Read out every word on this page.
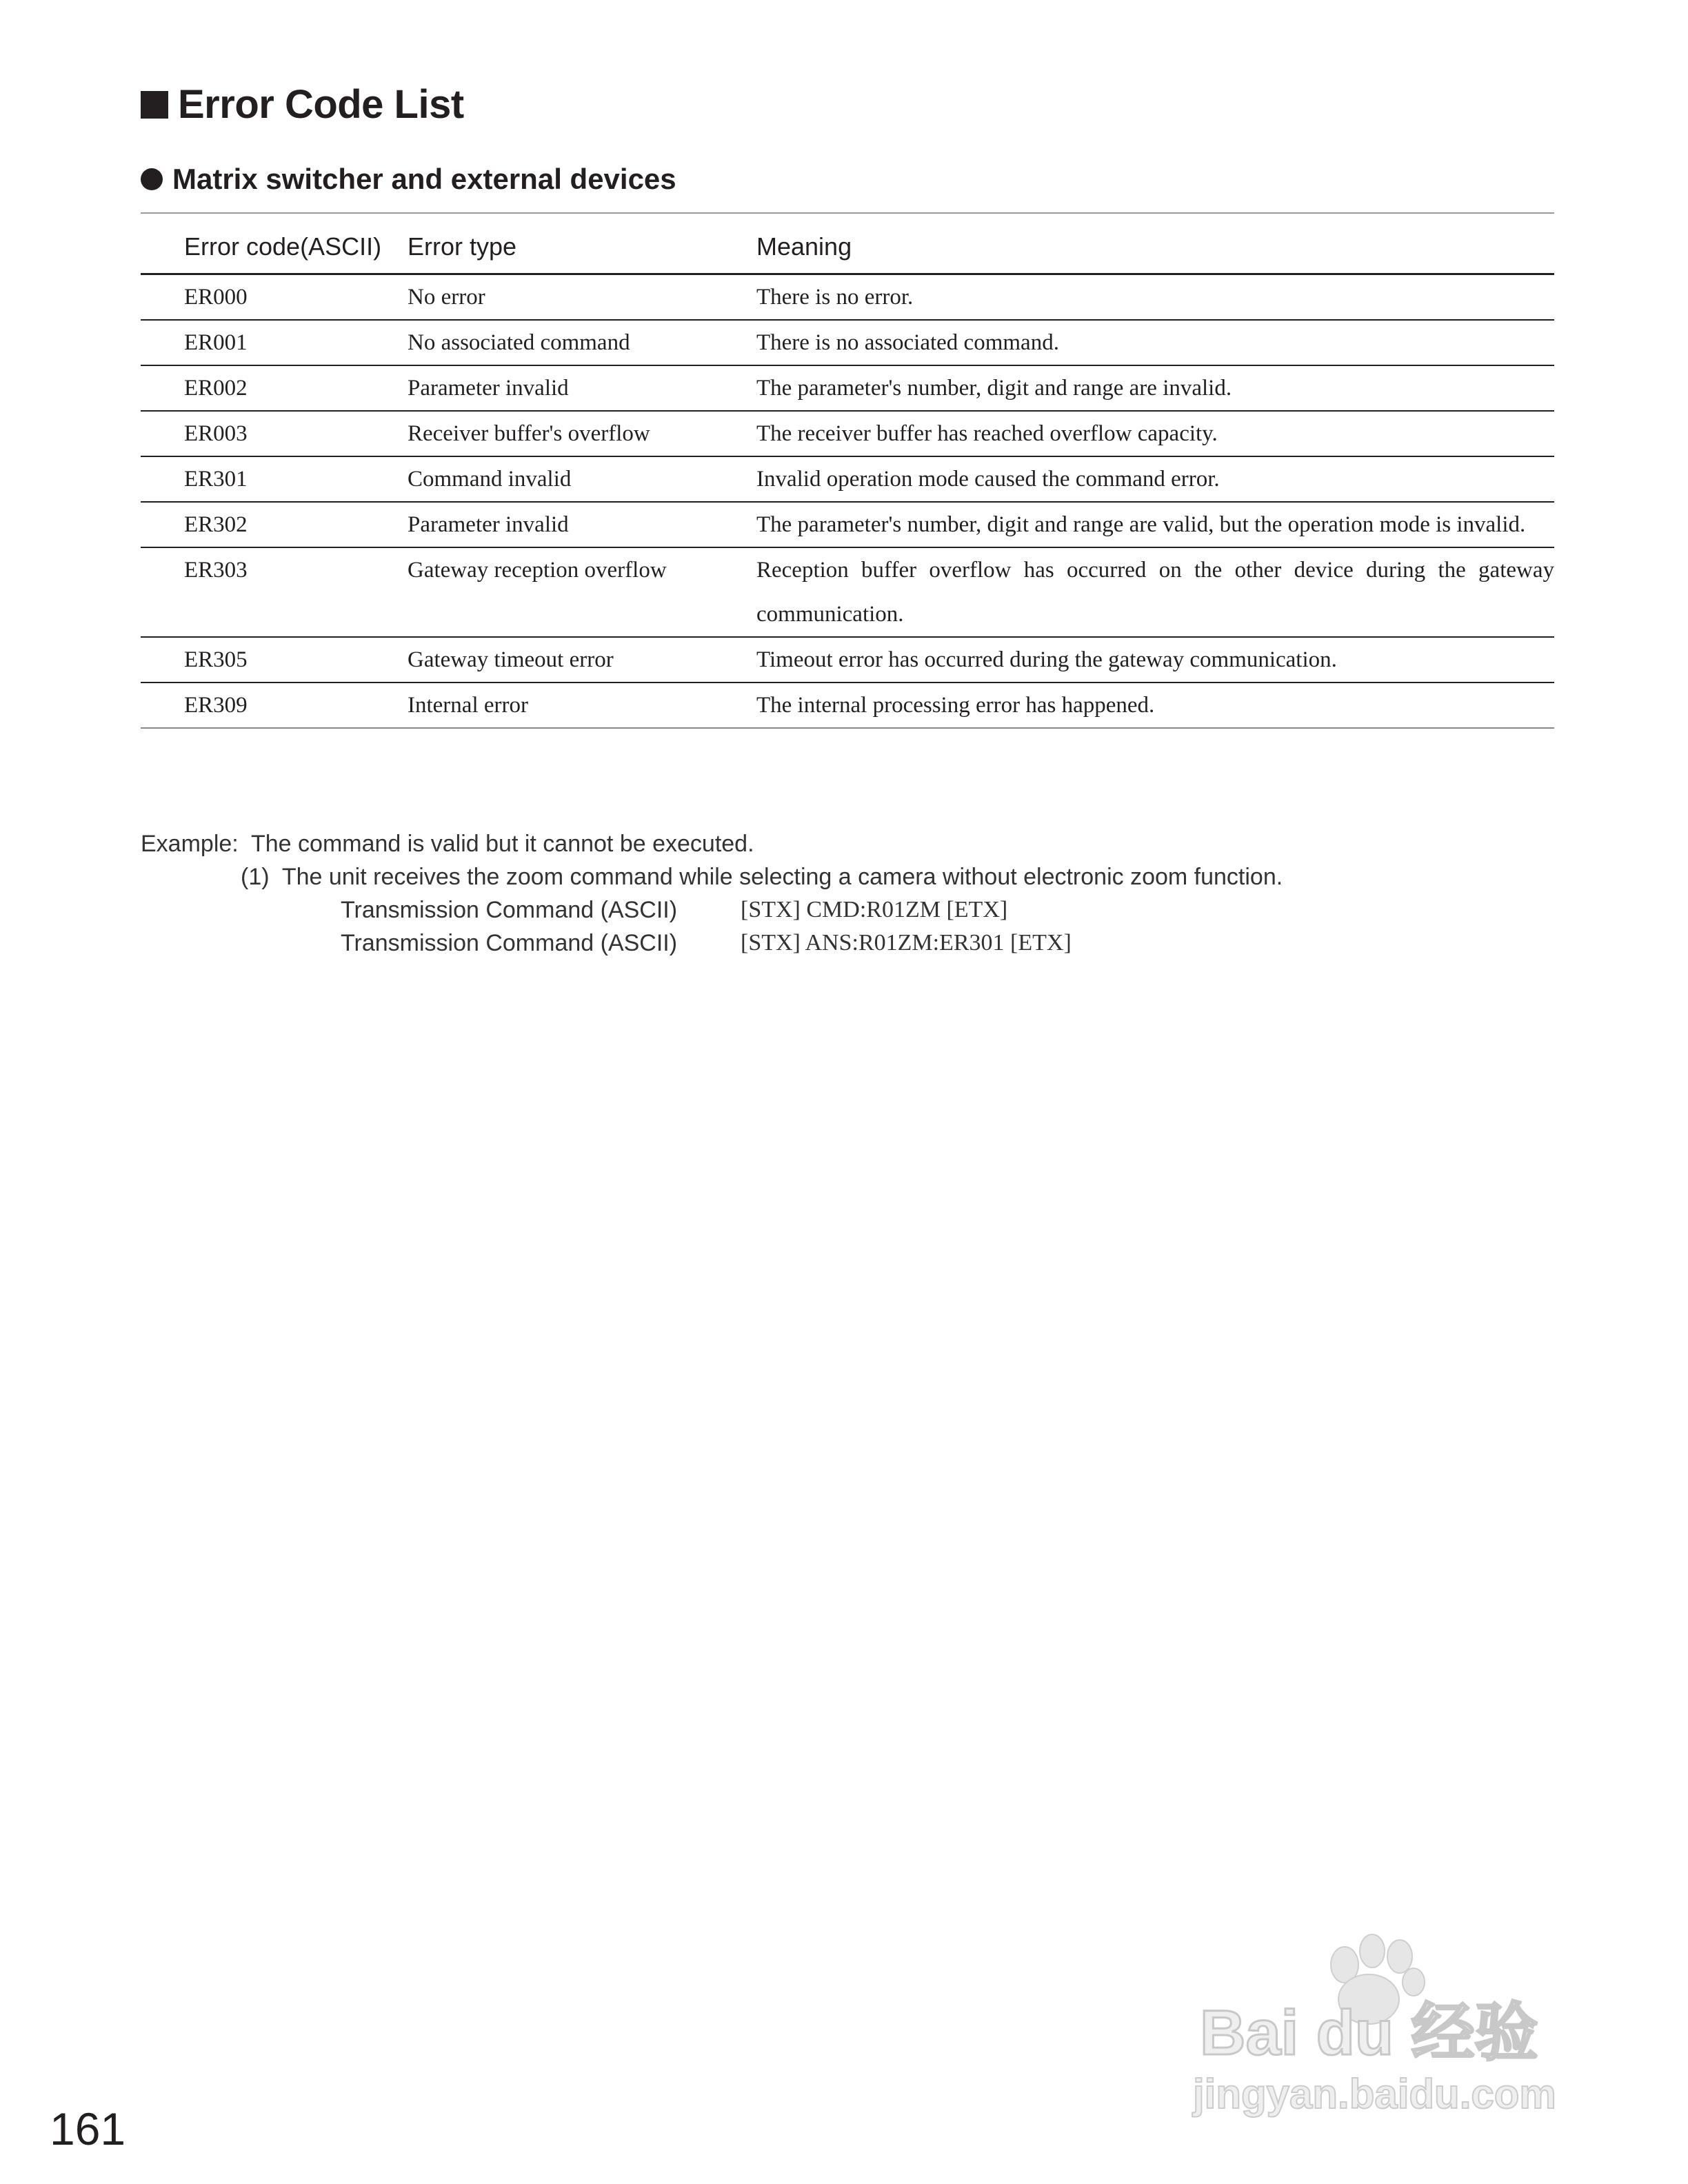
Error Code List
Matrix switcher and external devices
Error code(ASCII)	Error type	Meaning
ER000	No error	There is no error.
ER001	No associated command	There is no associated command.
ER002	Parameter invalid	The parameter's number, digit and range are invalid.
ER003	Receiver buffer's overflow	The receiver buffer has reached overflow capacity.
ER301	Command invalid	Invalid operation mode caused the command error.
ER302	Parameter invalid	The parameter's number, digit and range are valid, but the operation mode is invalid.
ER303	Gateway reception overflow	Reception buffer overflow has occurred on the other device during the gateway communication.
ER305	Gateway timeout error	Timeout error has occurred during the gateway communication.
ER309	Internal error	The internal processing error has happened.
Example:  The command is valid but it cannot be executed.
(1)  The unit receives the zoom command while selecting a camera without electronic zoom function.
Transmission Command (ASCII)	[STX] CMD:R01ZM [ETX]
Transmission Command (ASCII)	[STX] ANS:R01ZM:ER301 [ETX]
161
Bai du 经验
jingyan.baidu.com
